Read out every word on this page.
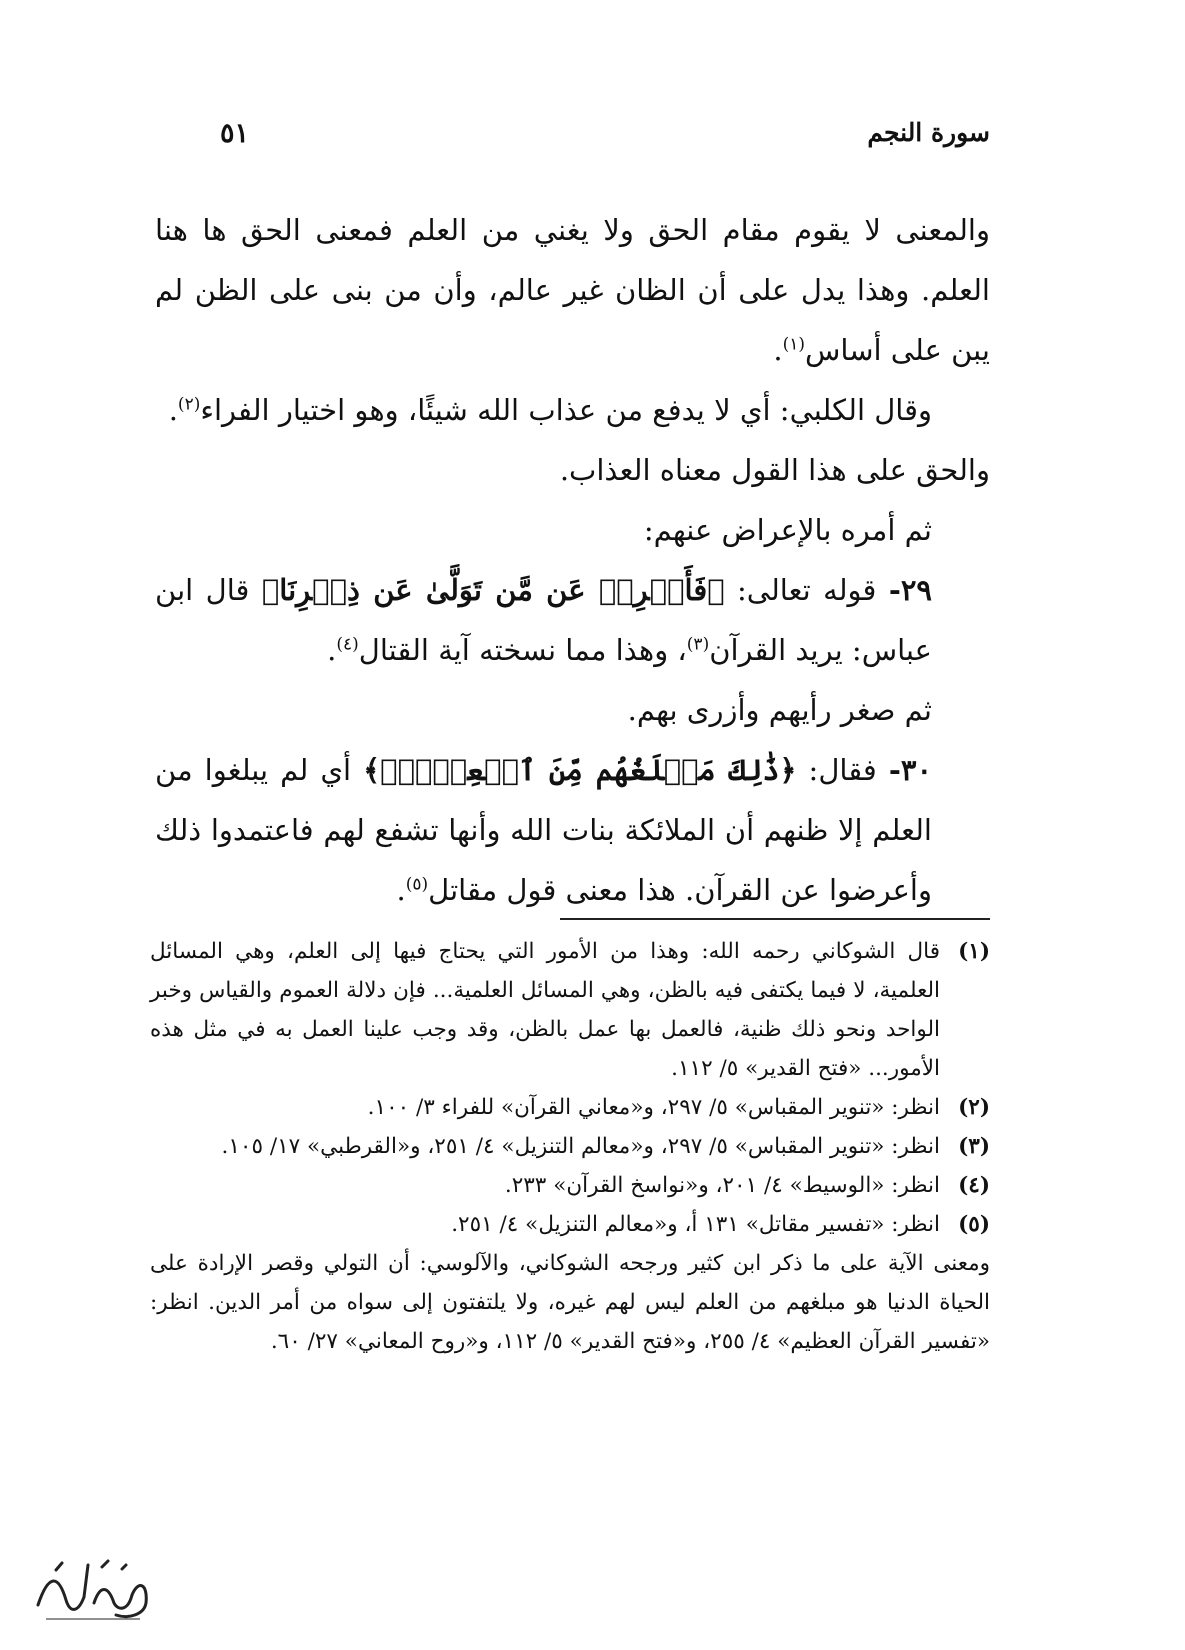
سورة النجم
٥١

والمعنى لا يقوم مقام الحق ولا يغني من العلم فمعنى الحق ها هنا العلم. وهذا يدل على أن الظان غير عالم، وأن من بنى على الظن لم يبن على أساس$^{(١)}$.

وقال الكلبي: أي لا يدفع من عذاب الله شيئًا، وهو اختيار الفراء$^{(٢)}$.

والحق على هذا القول معناه العذاب.

ثم أمره بالإعراض عنهم:

٢٩- قوله تعالى: ﴿فَأَعۡرِضۡ عَن مَّن تَوَلَّىٰ عَن ذِكۡرِنَا﴾ قال ابن عباس: يريد القرآن$^{(٣)}$، وهذا مما نسخته آية القتال$^{(٤)}$.

ثم صغر رأيهم وأزرى بهم.

٣٠- فقال: ﴿ذَٰلِكَ مَبۡلَغُهُم مِّنَ ٱلۡعِلۡمِۚ﴾ أي لم يبلغوا من العلم إلا ظنهم أن الملائكة بنات الله وأنها تشفع لهم فاعتمدوا ذلك وأعرضوا عن القرآن. هذا معنى قول مقاتل$^{(٥)}$.

(١)
قال الشوكاني رحمه الله: وهذا من الأمور التي يحتاج فيها إلى العلم، وهي المسائل العلمية، لا فيما يكتفى فيه بالظن، وهي المسائل العلمية... فإن دلالة العموم والقياس وخبر الواحد ونحو ذلك ظنية، فالعمل بها عمل بالظن، وقد وجب علينا العمل به في مثل هذه الأمور... «فتح القدير» ٥/ ١١٢.
(٢)
انظر: «تنوير المقباس» ٥/ ٢٩٧، و«معاني القرآن» للفراء ٣/ ١٠٠.
(٣)
انظر: «تنوير المقباس» ٥/ ٢٩٧، و«معالم التنزيل» ٤/ ٢٥١، و«القرطبي» ١٧/ ١٠٥.
(٤)
انظر: «الوسيط» ٤/ ٢٠١، و«نواسخ القرآن» ٢٣٣.
(٥)
انظر: «تفسير مقاتل» ١٣١ أ، و«معالم التنزيل» ٤/ ٢٥١.
ومعنى الآية على ما ذكر ابن كثير ورجحه الشوكاني، والآلوسي: أن التولي وقصر الإرادة على الحياة الدنيا هو مبلغهم من العلم ليس لهم غيره، ولا يلتفتون إلى سواه من أمر الدين. انظر: «تفسير القرآن العظيم» ٤/ ٢٥٥، و«فتح القدير» ٥/ ١١٢، و«روح المعاني» ٢٧/ ٦٠.
